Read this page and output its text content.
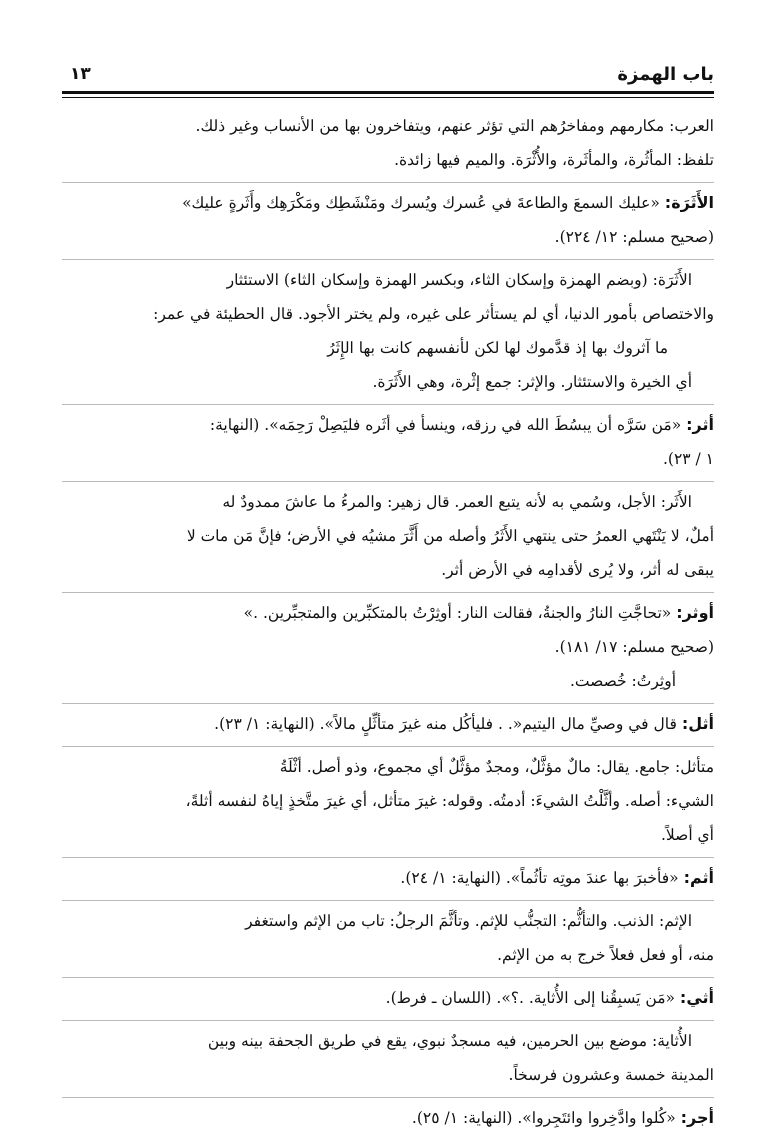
باب الهمزة
١٣
العرب: مكارمهم ومفاخرُهم التي تؤثر عنهم، ويتفاخرون بها من الأنساب وغير ذلك.
تلفظ: المأثُرة، والمأثَرة، والأُثْرَة. والميم فيها زائدة.
الأَثَرَة: «عليك السمعَ والطاعةَ في عُسرك ويُسرك ومَنْشَطِك ومَكْرَهِك وأَثَرةٍ عليك»
(صحيح مسلم: ١٢/ ٢٢٤).
الأَثَرَة: (وبضم الهمزة وإسكان الثاء، وبكسر الهمزة وإسكان الثاء) الاستئثار
والاختصاص بأمور الدنيا، أي لم يستأثر على غيره، ولم يختر الأجود. قال الحطيئة في عمر:
ما آثروك بها إذ قدَّموك لها لكن لأنفسهم كانت بها الإِثَرُ
أي الخيرة والاستئثار. والإثر: جمع إثْرة، وهي الأَثَرَة.
أثر: «مَن سَرَّه أن يبسُطَ الله في رزقه، وينسأ في أثَره فليَصِلْ رَحِمَه». (النهاية:
١ / ٢٣).
الأَثَر: الأجل، وسُمي به لأنه يتبع العمر. قال زهير: والمرءُ ما عاشَ ممدودٌ له
أملٌ، لا يَنْتَهي العمرُ حتى ينتهي الأَثَرُ وأصله من أَثَّرَ مشيُه في الأرض؛ فإنَّ مَن مات لا
يبقى له أثر، ولا يُرى لأقدامِه في الأرض أثر.
أوثر: «تحاجَّتِ النارُ والجنةُ، فقالت النار: أوثِرْتُ بالمتكبِّرين والمتجبِّرين. .»
(صحيح مسلم: ١٧/ ١٨١).
أوثِرتُ: خُصصت.
أثل: قال في وصيِّ مال اليتيم«. . فليأكُل منه غيرَ متأثِّلٍ مالاً». (النهاية: ١/ ٢٣).
متأثل: جامع. يقال: مالٌ مؤثَّلٌ، ومجدٌ مؤثَّلٌ أي مجموع، وذو أصل. أثْلَةُ
الشيء: أصله. وأثَّلْتُ الشيءَ: أدمتُه. وقوله: غيرَ متأثل، أي غيرَ متَّخذٍ إياهُ لنفسه أثلةً،
أي أصلاً.
أثم: «فأخبرَ بها عندَ موتِه تأثُماً». (النهاية: ١/ ٢٤).
الإثم: الذنب. والتأثُّم: التجنُّب للإثم. وتأثَّمَ الرجلُ: تاب من الإثم واستغفر
منه، أو فعل فعلاً خرج به من الإثم.
أثي: «مَن يَسبِقُنا إلى الأُثاية. .؟». (اللسان ـ فرط).
الأُثاية: موضع بين الحرمين، فيه مسجدٌ نبوي، يقع في طريق الجحفة بينه وبين
المدينة خمسة وعشرون فرسخاً.
أجر: «كُلوا وادَّخِروا وائتَجِروا». (النهاية: ١/ ٢٥).
